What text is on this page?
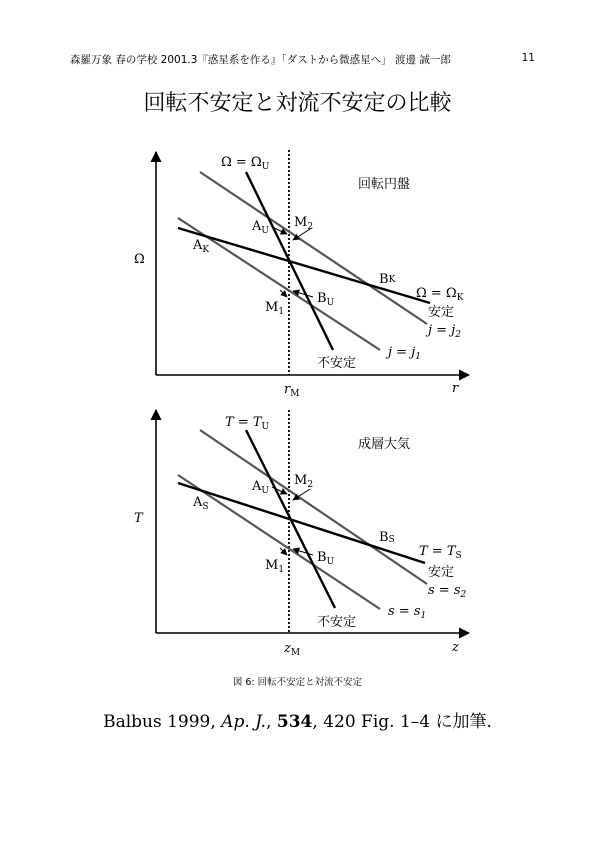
森羅万象 春の学校 2001.3『惑星系を作る』「ダストから微惑星へ」 渡邊 誠一郎	11
回転不安定と対流不安定の比較
Ω
r
$r_M$
回転円盤
$\Omega = \Omega_U$
$\Omega = \Omega_K$
$j = j_2$
$j = j_1$
$A_U$
$A_K$
$M_2$
$M_1$
BK
$B_U$
安定
不安定
T
z
$z_M$
成層大気
$T = T_U$
$T = T_S$
$s = s_2$
$s = s_1$
$A_U$
$A_S$
$M_2$
$M_1$
BS
$B_U$
安定
不安定
図 6: 回転不安定と対流不安定
Balbus 1999, Ap. J., 534, 420 Fig. 1–4 に加筆.
